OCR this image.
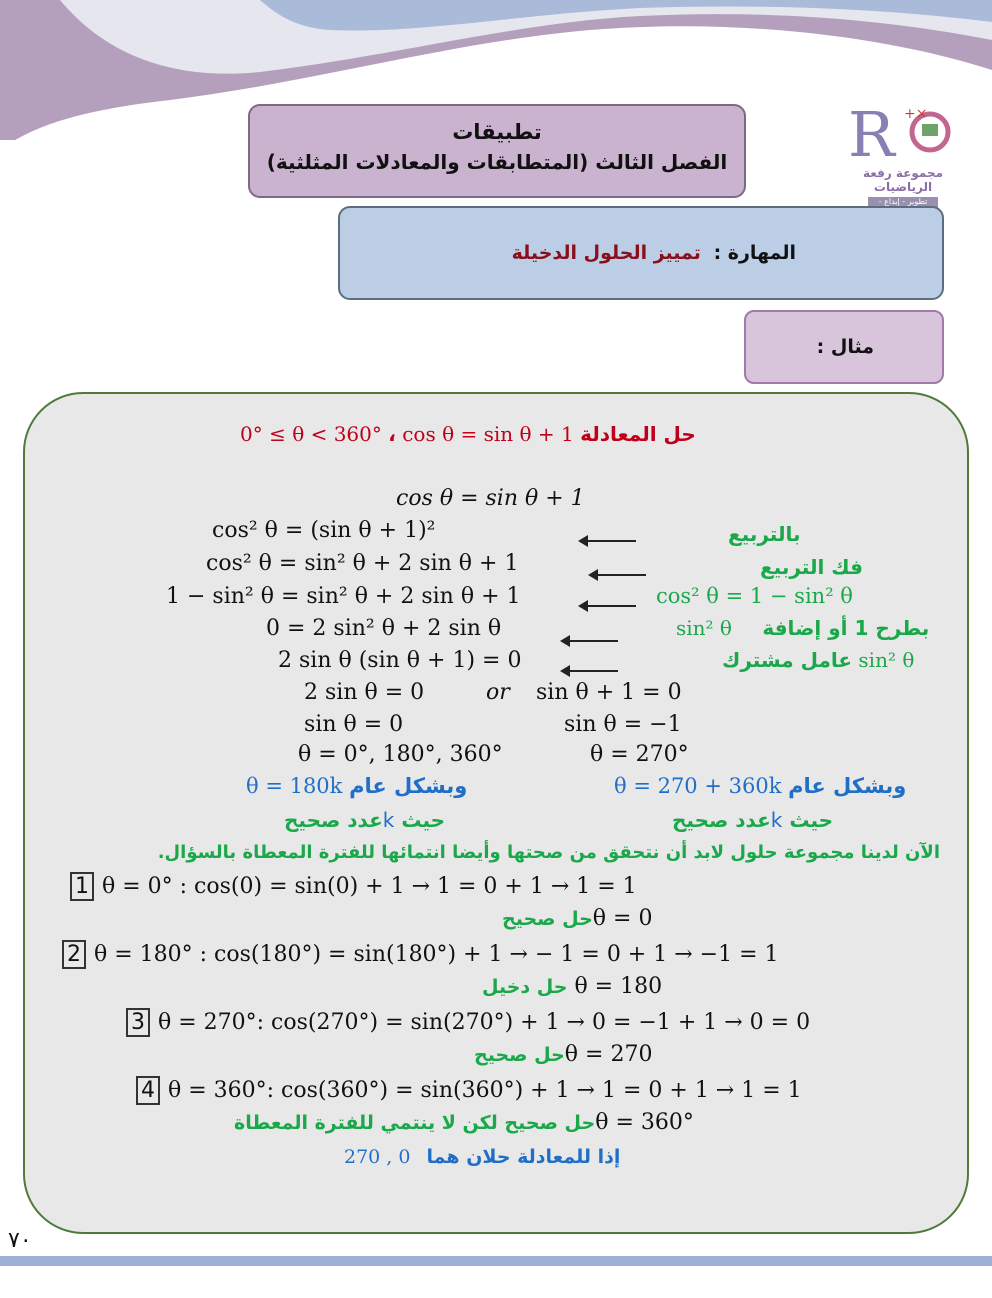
تطبيقات
الفصل الثالث (المتطابقات والمعادلات المثلثية) R +×
مجموعة رفعة الرياضيات
تطوير - إبداع -
المهارة : تمييز الحلول الدخيلة
مثال :
حل المعادلة cos θ = sin θ + 1 ، 0° ≤ θ < 360°
cos θ = sin θ + 1
cos² θ = (sin θ + 1)²
cos² θ = sin² θ + 2 sin θ + 1
1 − sin² θ = sin² θ + 2 sin θ + 1
0 = 2 sin² θ + 2 sin θ
2 sin θ (sin θ + 1) = 0
بالتربيع
فك التربيع
cos² θ = 1 − sin² θ
sin² θ بطرح 1 أو إضافة
عامل مشترك sin² θ
2 sin θ = 0	or sin θ + 1 = 0
sin θ = 0	sin θ = −1
θ = 0°, 180°, 360°	θ = 270°
θ = 180k وبشكل عام	θ = 270 + 360k وبشكل عام
حيث kعدد صحيح	حيث kعدد صحيح
الآن لدينا مجموعة حلول لابد أن نتحقق من صحتها وأيضا انتمائها للفترة المعطاة بالسؤال.
1 θ = 0° : cos(0) = sin(0) + 1 → 1 = 0 + 1 → 1 = 1
حل صحيحθ = 0
2 θ = 180° : cos(180°) = sin(180°) + 1 → − 1 = 0 + 1 → −1 = 1
حل دخيل θ = 180
3 θ = 270°: cos(270°) = sin(270°) + 1 → 0 = −1 + 1 → 0 = 0
حل صحيحθ = 270
4 θ = 360°: cos(360°) = sin(360°) + 1 → 1 = 0 + 1 → 1 = 1
حل صحيح لكن لا ينتمي للفترة المعطاةθ = 360°
270 , 0 إذا للمعادلة حلان هما
٧٠
